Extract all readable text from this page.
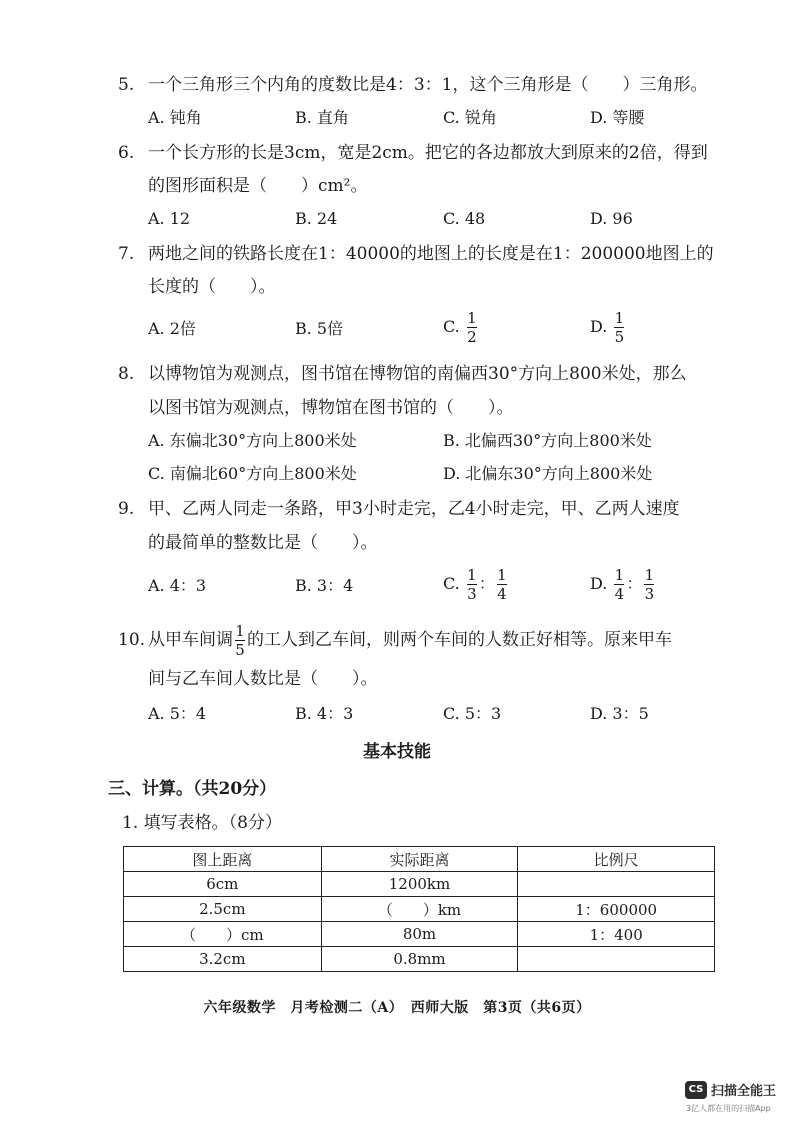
5. 一个三角形三个内角的度数比是4：3：1，这个三角形是（　　）三角形。
A. 钝角	B. 直角	C. 锐角	D. 等腰
6. 一个长方形的长是3cm，宽是2cm。把它的各边都放大到原来的2倍，得到
的图形面积是（　　）cm²。
A. 12	B. 24	C. 48	D. 96
7. 两地之间的铁路长度在1：40000的地图上的长度是在1：200000地图上的
长度的（　　）。
A. 2倍	B. 5倍	C. $\frac{1}{2}$	D. $\frac{1}{5}$
8. 以博物馆为观测点，图书馆在博物馆的南偏西30°方向上800米处，那么
以图书馆为观测点，博物馆在图书馆的（　　）。
A. 东偏北30°方向上800米处	B. 北偏西30°方向上800米处
C. 南偏北60°方向上800米处	D. 北偏东30°方向上800米处
9. 甲、乙两人同走一条路，甲3小时走完，乙4小时走完，甲、乙两人速度
的最简单的整数比是（　　）。
A. 4：3	B. 3：4	C. $\frac{1}{3}$ ： $\frac{1}{4}$	D. $\frac{1}{4}$ ： $\frac{1}{3}$
10. 从甲车间调 $\frac{1}{5}$ 的工人到乙车间，则两个车间的人数正好相等。原来甲车
间与乙车间人数比是（　　）。
A. 5：4	B. 4：3	C. 5：3	D. 3：5
基本技能
三、计算。（共20分）
1. 填写表格。（8分）
图上距离	实际距离	比例尺
6cm	1200km	
2.5cm	（　　）km	1：600000
（　　）cm	80m	1：400
3.2cm	0.8mm	
六年级数学　月考检测二（A）　西师大版　第3页（共6页）
CS 扫描全能王
3亿人都在用的扫描App
